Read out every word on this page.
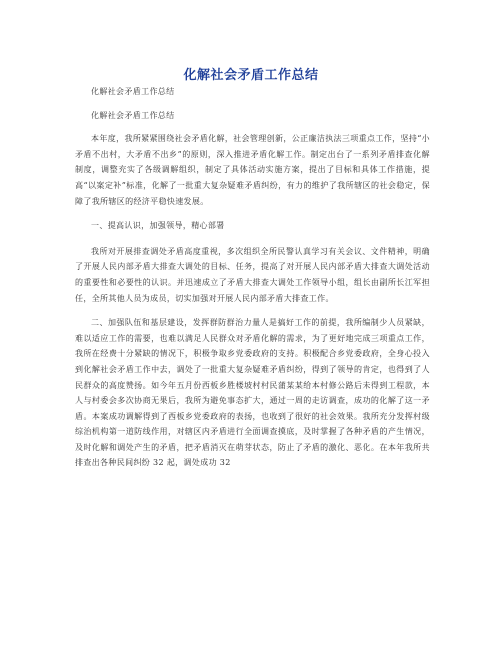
化解社会矛盾工作总结

化解社会矛盾工作总结

化解社会矛盾工作总结

本年度，我所紧紧围绕社会矛盾化解，社会管理创新，公正廉洁执法三项重点工作，坚持“小矛盾不出村，大矛盾不出乡”的原则，深入推进矛盾化解工作。制定出台了一系列矛盾排查化解制度，调整充实了各级调解组织，制定了具体活动实施方案，提出了目标和具体工作措施，提高“以案定补”标准，化解了一批重大复杂疑难矛盾纠纷，有力的维护了我所辖区的社会稳定，保障了我所辖区的经济平稳快速发展。

一、提高认识，加强领导，精心部署

我所对开展排查调处矛盾高度重视，多次组织全所民警认真学习有关会议、文件精神，明确了开展人民内部矛盾大排查大调处的目标、任务，提高了对开展人民内部矛盾大排查大调处活动的重要性和必要性的认识。并迅速成立了矛盾大排查大调处工作领导小组，组长由副所长江军担任，全所其他人员为成员，切实加强对开展人民内部矛盾大排查工作。

二、加强队伍和基层建设，发挥群防群治力量人是搞好工作的前提，我所编制少人员紧缺，难以适应工作的需要，也难以满足人民群众对矛盾化解的需求，为了更好地完成三项重点工作，我所在经费十分紧缺的情况下，积极争取乡党委政府的支持。积极配合乡党委政府，全身心投入到化解社会矛盾工作中去，调处了一批重大复杂疑难矛盾纠纷，得到了领导的肯定，也得到了人民群众的高度赞扬。如今年五月份西板乡胜楼坡村村民蒲某某给本村修公路后未得到工程款，本人与村委会多次协商无果后，我所为避免事态扩大，通过一周的走访调查，成功的化解了这一矛盾。本案成功调解得到了西板乡党委政府的表扬，也收到了很好的社会效果。我所充分发挥村级综治机构第一道防线作用，对辖区内矛盾进行全面调查摸底，及时掌握了各种矛盾的产生情况，及时化解和调处产生的矛盾，把矛盾消灭在萌芽状态，防止了矛盾的激化、恶化。在本年我所共排查出各种民间纠纷 32 起，调处成功 32
